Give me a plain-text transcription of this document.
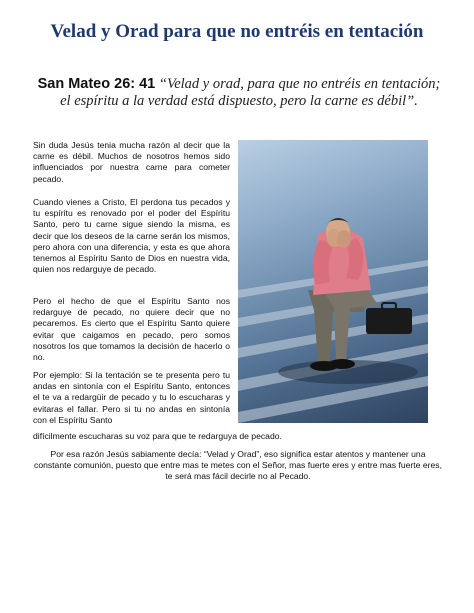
Velad y Orad para que no entréis en tentación
San Mateo 26: 41 “Velad y orad, para que no entréis en tentación; el espíritu a la verdad está dispuesto, pero la carne es débil”.
Sin duda Jesús tenia mucha razón al decir que la carne es débil. Muchos de nosotros hemos sido influenciados por nuestra carne para cometer pecado.
Cuando vienes a Cristo, El perdona tus pecados y tu espíritu es renovado por el poder del Espíritu Santo, pero tu carne sigue siendo la misma, es decir que los deseos de la carne serán los mismos, pero ahora con una diferencia, y esta es que ahora tenemos al Espíritu Santo de Dios en nuestra vida, quien nos redarguye de pecado.
Pero el hecho de que el Espíritu Santo nos redarguye de pecado, no quiere decir que no pecaremos. Es cierto que el Espíritu Santo quiere evitar que caigamos en pecado, pero somos nosotros los que tomamos la decisión de hacerlo o no.
Por ejemplo: Si la tentación se te presenta pero tu andas en sintonía con el Espíritu Santo, entonces el te va a redargüir de pecado y tu lo escucharas y evitaras el fallar. Pero si tu no andas en sintonía con el Espíritu Santo
difícilmente escucharas su voz para que te redarguya de pecado.
Por esa razón Jesús sabiamente decía: “Velad y Orad”, eso significa estar atentos y mantener una constante comunión, puesto que entre mas te metes con el Señor, mas fuerte eres y entre mas fuerte eres, te será mas fácil decirle no al Pecado.
